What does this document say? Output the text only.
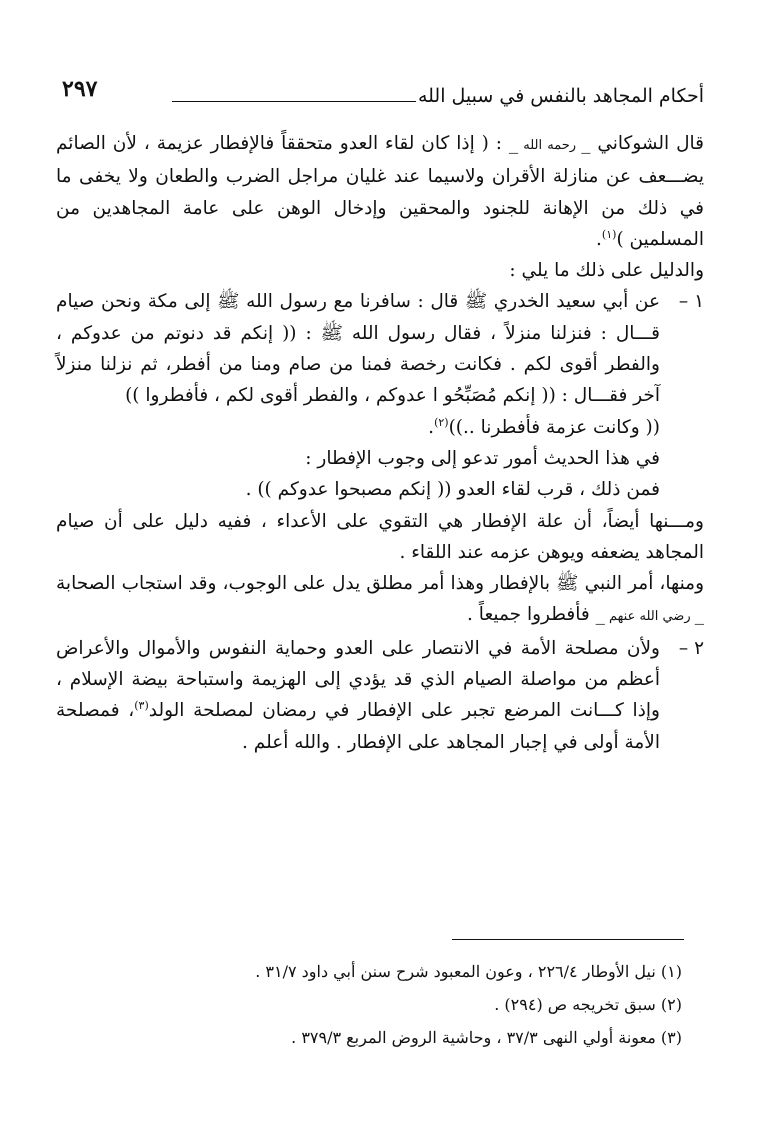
أحكام المجاهد بالنفس في سبيل الله
٢٩٧

قال الشوكاني _ رحمه الله _ : ( إذا كان لقاء العدو متحققاً فالإفطار عزيمة ، لأن الصائم يضـــعف عن منازلة الأقران ولاسيما عند غليان مراجل الضرب والطعان ولا يخفى ما في ذلك من الإهانة للجنود والمحقين وإدخال الوهن على عامة المجاهدين من المسلمين )$^{(١)}$.

والدليل على ذلك ما يلي :

١ –

عن أبي سعيد الخدري ﷺ قال : سافرنا مع رسول الله ﷺ إلى مكة ونحن صيام قـــال : فنزلنا منزلاً ، فقال رسول الله ﷺ : (( إنكم قد دنوتم من عدوكم ، والفطر أقوى لكم . فكانت رخصة فمنا من صام ومنا من أفطر، ثم نزلنا منزلاً آخر فقـــال : (( إنكم مُصَبِّحُو ا عدوكم ، والفطر أقوى لكم ، فأفطروا ))

(( وكانت عزمة فأفطرنا ..))$^{(٢)}$.

في هذا الحديث أمور تدعو إلى وجوب الإفطار :

فمن ذلك ، قرب لقاء العدو (( إنكم مصبحوا عدوكم )) .

ومـــنها أيضاً، أن علة الإفطار هي التقوي على الأعداء ، ففيه دليل على أن صيام المجاهد يضعفه ويوهن عزمه عند اللقاء .

ومنها، أمر النبي ﷺ بالإفطار وهذا أمر مطلق يدل على الوجوب، وقد استجاب الصحابة _ رضي الله عنهم _ فأفطروا جميعاً .

٢ –

ولأن مصلحة الأمة في الانتصار على العدو وحماية النفوس والأموال والأعراض أعظم من مواصلة الصيام الذي قد يؤدي إلى الهزيمة واستباحة بيضة الإسلام ، وإذا كـــانت المرضع تجبر على الإفطار في رمضان لمصلحة الولد$^{(٣)}$، فمصلحة الأمة أولى في إجبار المجاهد على الإفطار . والله أعلم .

(١) نيل الأوطار ٢٢٦/٤ ، وعون المعبود شرح سنن أبي داود ٣١/٧ .

(٢) سبق تخريجه ص (٢٩٤) .

(٣) معونة أولي النهى ٣٧/٣ ، وحاشية الروض المربع ٣٧٩/٣ .
